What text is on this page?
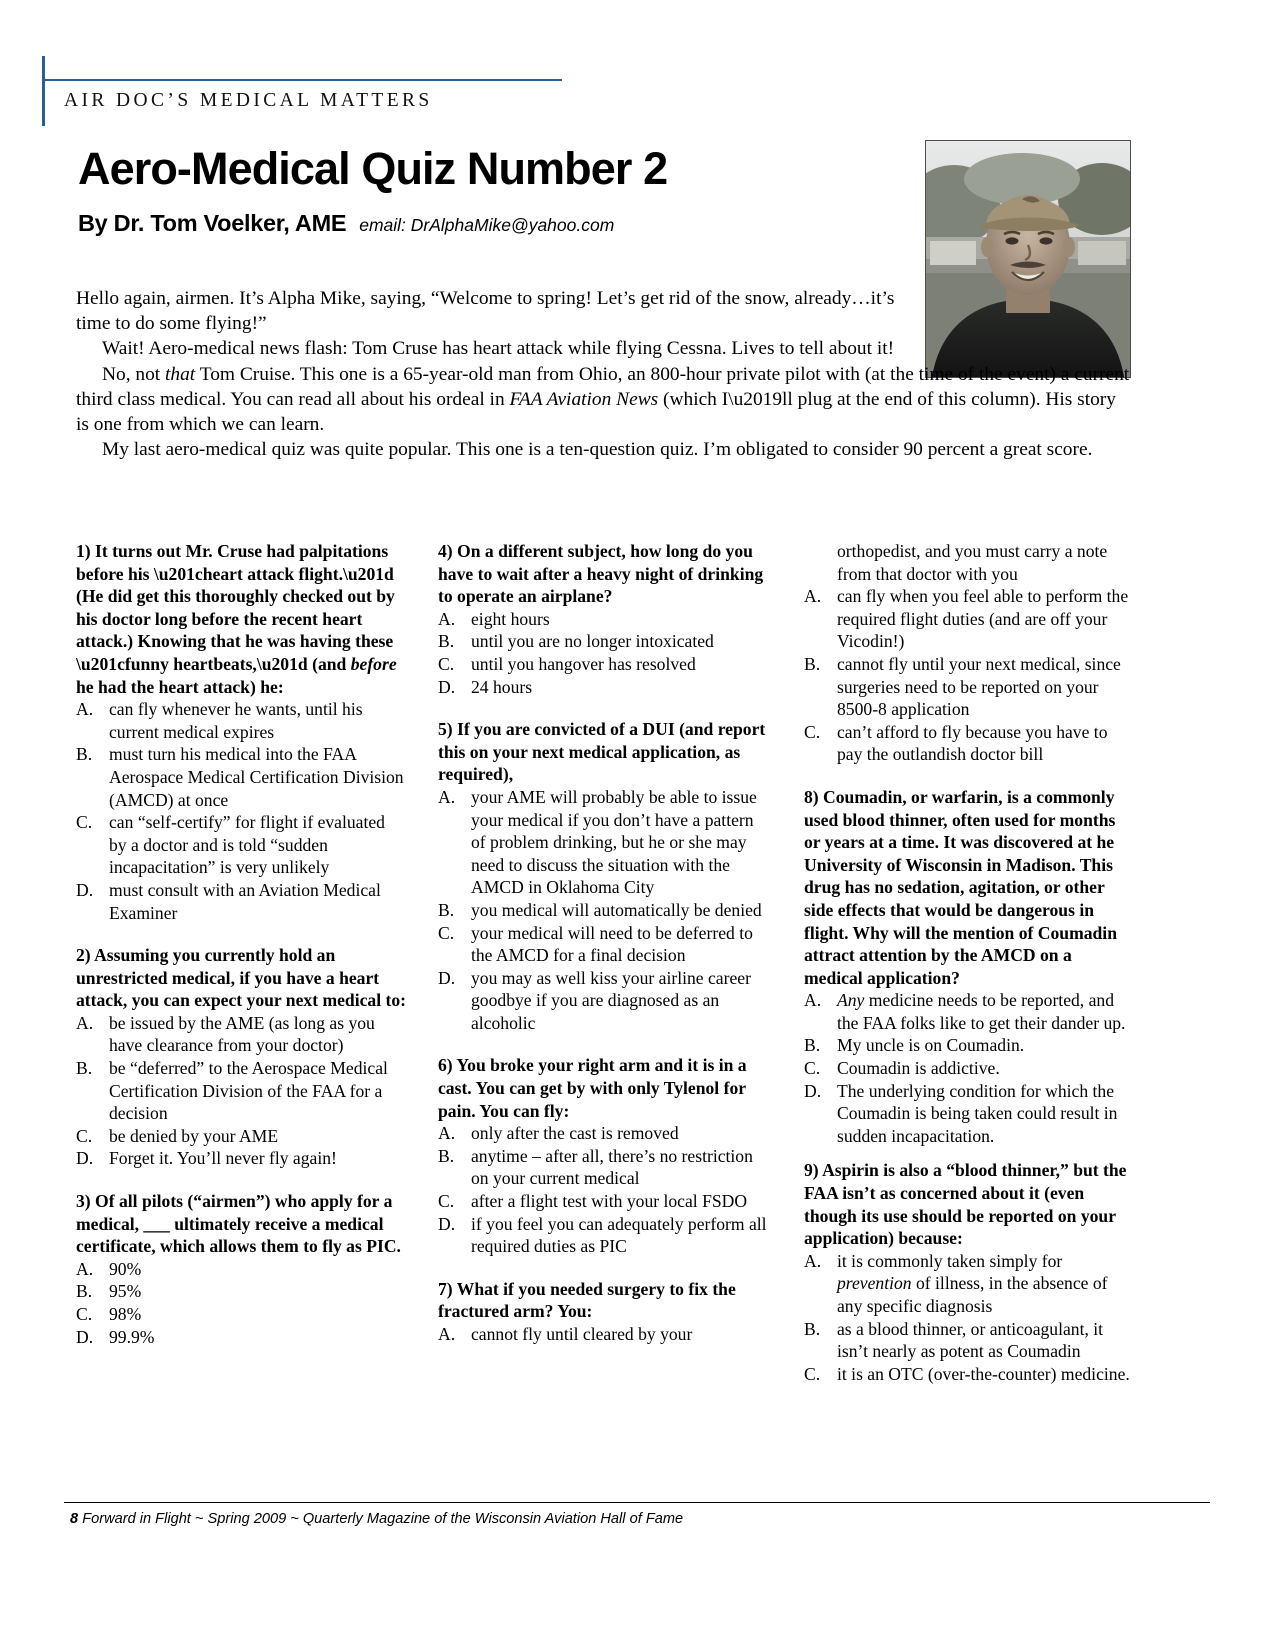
AIR DOC’S MEDICAL MATTERS
Aero-Medical Quiz Number 2
By Dr. Tom Voelker, AME email: DrAlphaMike@yahoo.com

Hello again, airmen. It’s Alpha Mike, saying, “Welcome to spring! Let’s get rid of the snow, already…it’s time to do some flying!”

Wait! Aero-medical news flash: Tom Cruse has heart attack while flying Cessna. Lives to tell about it!

No, not that Tom Cruise. This one is a 65-year-old man from Ohio, an 800-hour private pilot with (at the time of the event) a current third class medical. You can read all about his ordeal in FAA Aviation News (which I\u2019ll plug at the end of this column). His story is one from which we can learn.

My last aero-medical quiz was quite popular. This one is a ten-question quiz. I’m obligated to consider 90 percent a great score.

1) It turns out Mr. Cruse had palpitations before his \u201cheart attack flight.\u201d (He did get this thoroughly checked out by his doctor long before the recent heart attack.) Knowing that he was having these \u201cfunny heartbeats,\u201d (and before he had the heart attack) he:

A. can fly whenever he wants, until his current medical expires
B. must turn his medical into the FAA Aerospace Medical Certification Division (AMCD) at once
C. can “self-certify” for flight if evaluated by a doctor and is told “sudden incapacitation” is very unlikely
D. must consult with an Aviation Medical Examiner

2) Assuming you currently hold an unrestricted medical, if you have a heart attack, you can expect your next medical to:

A. be issued by the AME (as long as you have clearance from your doctor)
B. be “deferred” to the Aerospace Medical Certification Division of the FAA for a decision
C. be denied by your AME
D. Forget it. You’ll never fly again!

3) Of all pilots (“airmen”) who apply for a medical, ___ ultimately receive a medical certificate, which allows them to fly as PIC.

A. 90%
B. 95%
C. 98%
D. 99.9%

4) On a different subject, how long do you have to wait after a heavy night of drinking to operate an airplane?

A. eight hours
B. until you are no longer intoxicated
C. until you hangover has resolved
D. 24 hours

5) If you are convicted of a DUI (and report this on your next medical application, as required),

A. your AME will probably be able to issue your medical if you don’t have a pattern of problem drinking, but he or she may need to discuss the situation with the AMCD in Oklahoma City
B. you medical will automatically be denied
C. your medical will need to be deferred to the AMCD for a final decision
D. you may as well kiss your airline career goodbye if you are diagnosed as an alcoholic

6) You broke your right arm and it is in a cast. You can get by with only Tylenol for pain. You can fly:

A. only after the cast is removed
B. anytime – after all, there’s no restriction on your current medical
C. after a flight test with your local FSDO
D. if you feel you can adequately perform all required duties as PIC

7) What if you needed surgery to fix the fractured arm? You:

A. cannot fly until cleared by your
orthopedist, and you must carry a note from that doctor with you
A. can fly when you feel able to perform the required flight duties (and are off your Vicodin!)
B. cannot fly until your next medical, since surgeries need to be reported on your 8500-8 application
C. can’t afford to fly because you have to pay the outlandish doctor bill

8) Coumadin, or warfarin, is a commonly used blood thinner, often used for months or years at a time. It was discovered at he University of Wisconsin in Madison. This drug has no sedation, agitation, or other side effects that would be dangerous in flight. Why will the mention of Coumadin attract attention by the AMCD on a medical application?

A. Any medicine needs to be reported, and the FAA folks like to get their dander up.
B. My uncle is on Coumadin.
C. Coumadin is addictive.
D. The underlying condition for which the Coumadin is being taken could result in sudden incapacitation.

9) Aspirin is also a “blood thinner,” but the FAA isn’t as concerned about it (even though its use should be reported on your application) because:

A. it is commonly taken simply for prevention of illness, in the absence of any specific diagnosis
B. as a blood thinner, or anticoagulant, it isn’t nearly as potent as Coumadin
C. it is an OTC (over-the-counter) medicine.
8 Forward in Flight ~ Spring 2009 ~ Quarterly Magazine of the Wisconsin Aviation Hall of Fame
